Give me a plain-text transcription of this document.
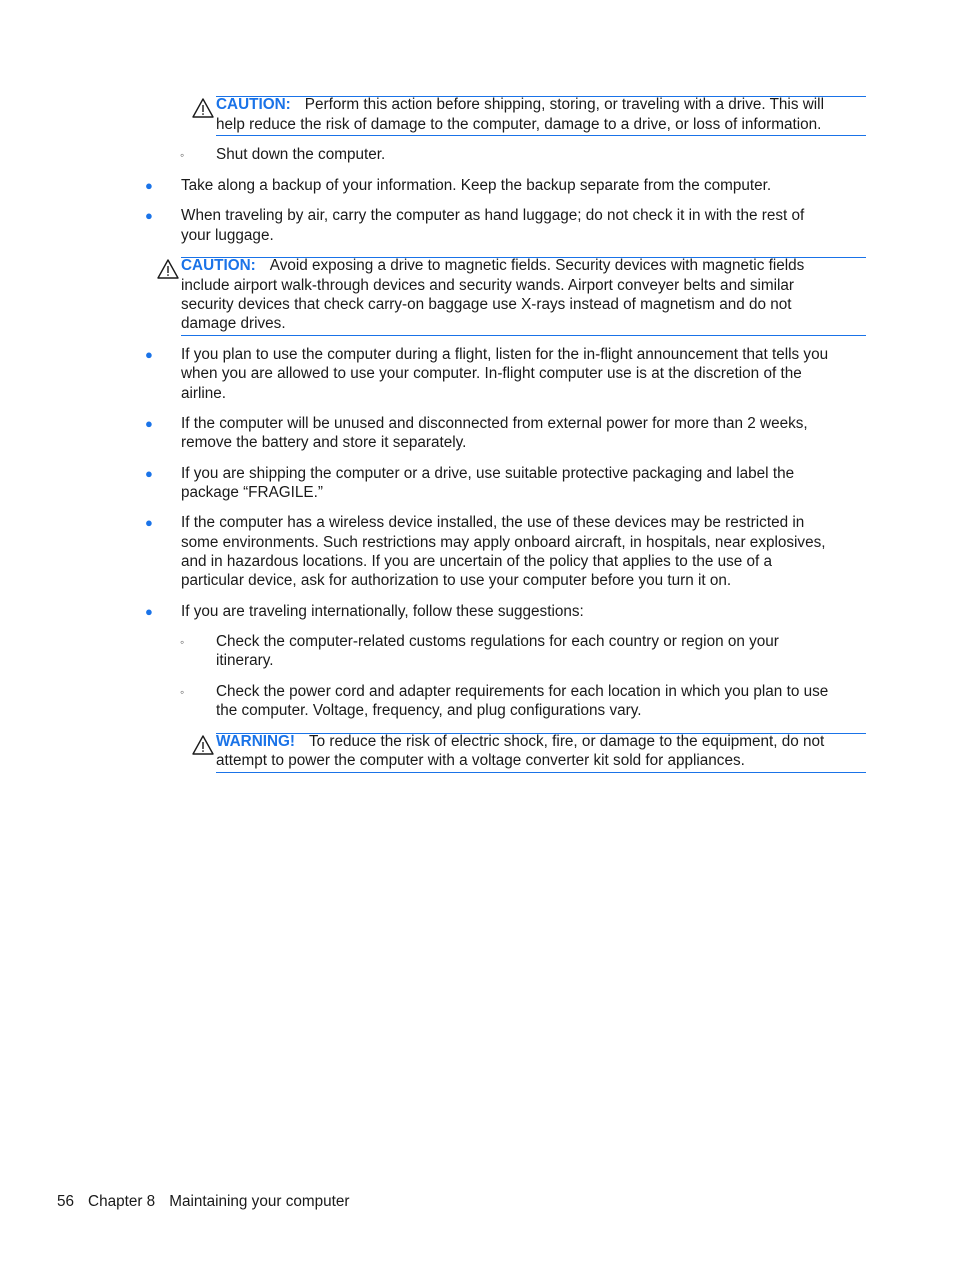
CAUTION: Perform this action before shipping, storing, or traveling with a drive. This will
help reduce the risk of damage to the computer, damage to a drive, or loss of information.
◦ Shut down the computer.
● Take along a backup of your information. Keep the backup separate from the computer.
● When traveling by air, carry the computer as hand luggage; do not check it in with the rest of
your luggage.
CAUTION: Avoid exposing a drive to magnetic fields. Security devices with magnetic fields
include airport walk-through devices and security wands. Airport conveyer belts and similar
security devices that check carry-on baggage use X-rays instead of magnetism and do not
damage drives.
● If you plan to use the computer during a flight, listen for the in-flight announcement that tells you
when you are allowed to use your computer. In-flight computer use is at the discretion of the
airline.
● If the computer will be unused and disconnected from external power for more than 2 weeks,
remove the battery and store it separately.
● If you are shipping the computer or a drive, use suitable protective packaging and label the
package “FRAGILE.”
● If the computer has a wireless device installed, the use of these devices may be restricted in
some environments. Such restrictions may apply onboard aircraft, in hospitals, near explosives,
and in hazardous locations. If you are uncertain of the policy that applies to the use of a
particular device, ask for authorization to use your computer before you turn it on.
● If you are traveling internationally, follow these suggestions:
◦ Check the computer-related customs regulations for each country or region on your
itinerary.
◦ Check the power cord and adapter requirements for each location in which you plan to use
the computer. Voltage, frequency, and plug configurations vary.
WARNING! To reduce the risk of electric shock, fire, or damage to the equipment, do not
attempt to power the computer with a voltage converter kit sold for appliances.
56 Chapter 8 Maintaining your computer
